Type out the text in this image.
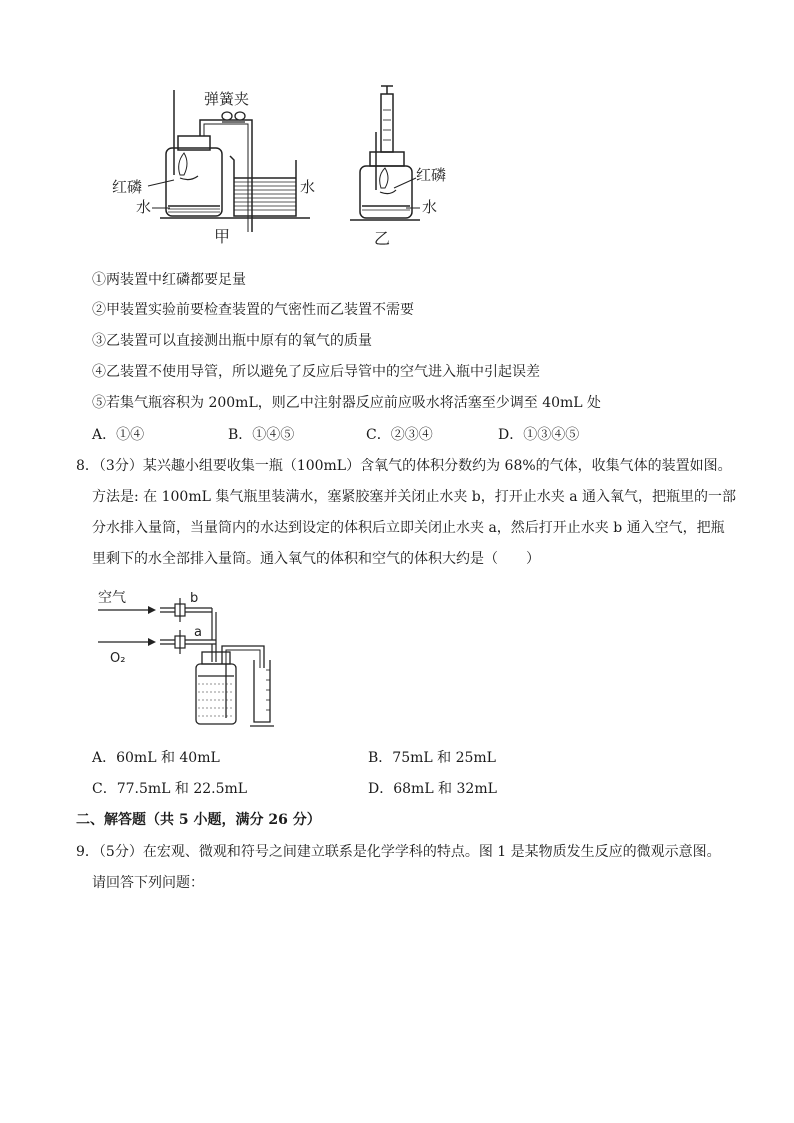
弹簧夹
红磷
水
水
甲
红磷
水
乙
①两装置中红磷都要足量
②甲装置实验前要检查装置的气密性而乙装置不需要
③乙装置可以直接测出瓶中原有的氧气的质量
④乙装置不使用导管，所以避免了反应后导管中的空气进入瓶中引起误差
⑤若集气瓶容积为 200mL，则乙中注射器反应前应吸水将活塞至少调至 40mL 处
A．①④	B．①④⑤	C．②③④	D．①③④⑤
8．（3分）某兴趣小组要收集一瓶（100mL）含氧气的体积分数约为 68%的气体，收集气体的装置如图。
方法是: 在 100mL 集气瓶里装满水，塞紧胶塞并关闭止水夹 b，打开止水夹 a 通入氧气，把瓶里的一部
分水排入量筒，当量筒内的水达到设定的体积后立即关闭止水夹 a，然后打开止水夹 b 通入空气，把瓶
里剩下的水全部排入量筒。通入氧气的体积和空气的体积大约是（　　）
空气	b
O₂
a
A．60mL 和 40mL	B．75mL 和 25mL
C．77.5mL 和 22.5mL	D．68mL 和 32mL
二、解答题（共 5 小题，满分 26 分）
9．（5分）在宏观、微观和符号之间建立联系是化学学科的特点。图 1 是某物质发生反应的微观示意图。
请回答下列问题：
